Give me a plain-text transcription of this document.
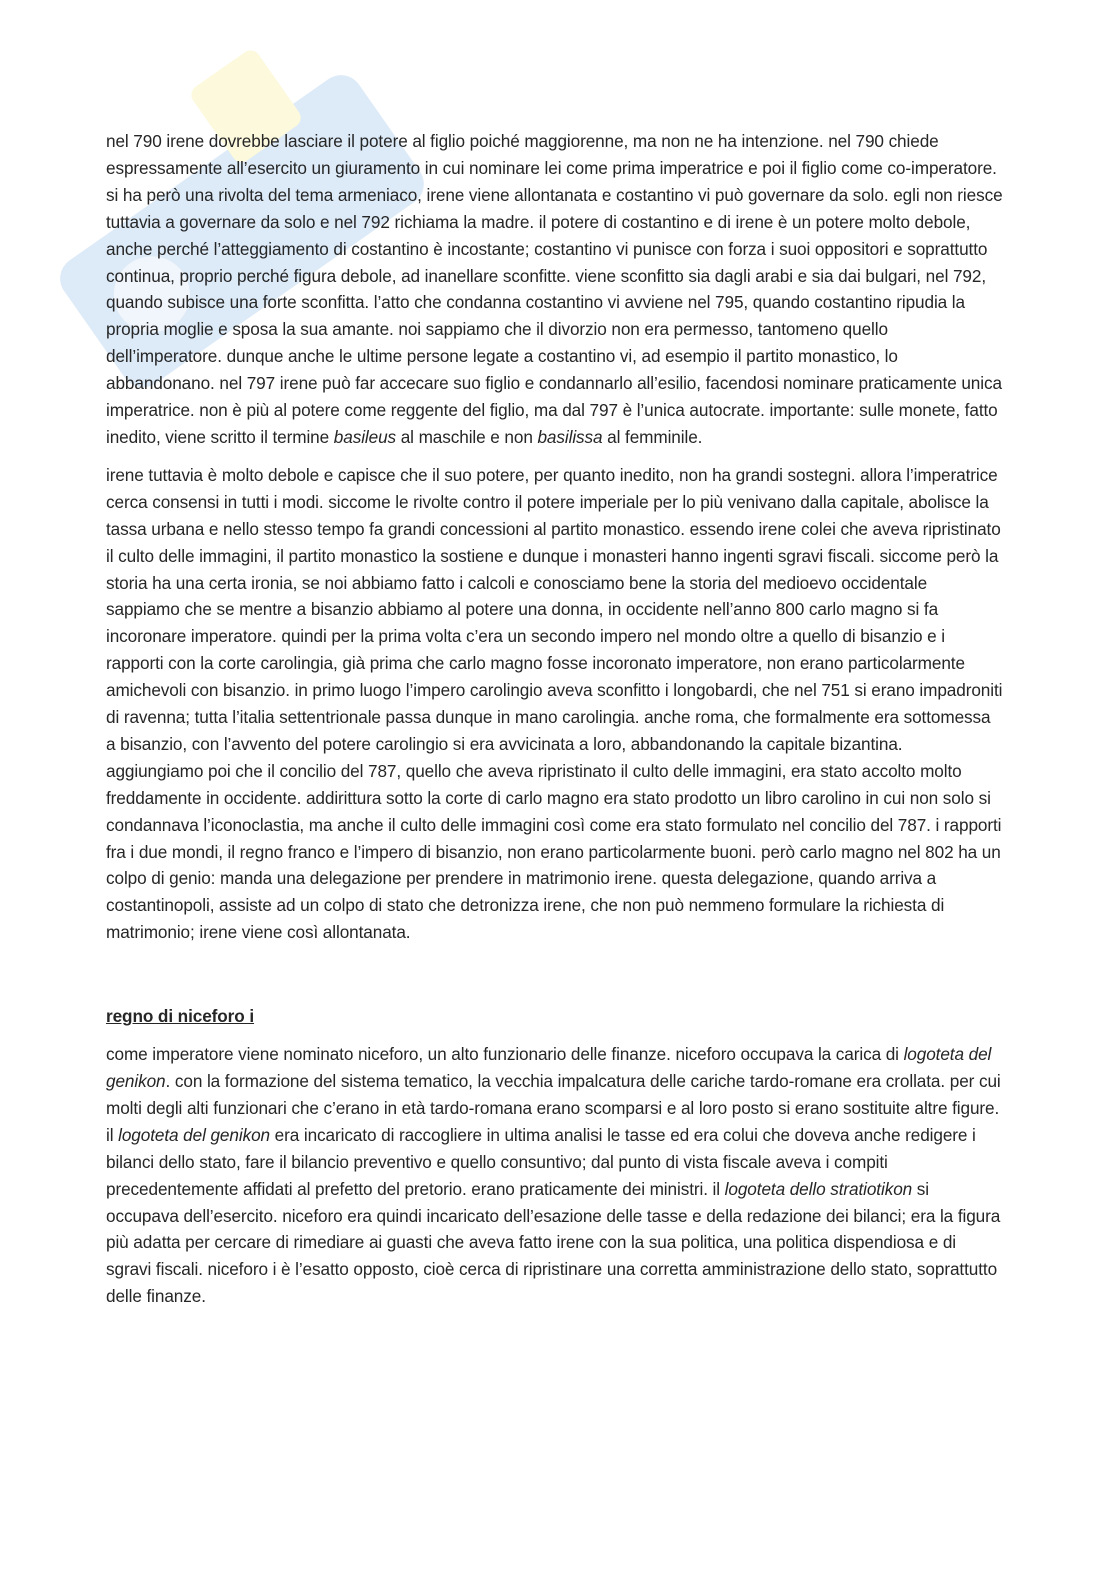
nel 790 irene dovrebbe lasciare il potere al figlio poiché maggiorenne, ma non ne ha intenzione. nel 790 chiede espressamente all’esercito un giuramento in cui nominare lei come prima imperatrice e poi il figlio come co-imperatore. si ha però una rivolta del tema armeniaco, irene viene allontanata e costantino vi può governare da solo. egli non riesce tuttavia a governare da solo e nel 792 richiama la madre. il potere di costantino e di irene è un potere molto debole, anche perché l’atteggiamento di costantino è incostante; costantino vi punisce con forza i suoi oppositori e soprattutto continua, proprio perché figura debole, ad inanellare sconfitte. viene sconfitto sia dagli arabi e sia dai bulgari, nel 792, quando subisce una forte sconfitta. l’atto che condanna costantino vi avviene nel 795, quando costantino ripudia la propria moglie e sposa la sua amante. noi sappiamo che il divorzio non era permesso, tantomeno quello dell’imperatore. dunque anche le ultime persone legate a costantino vi, ad esempio il partito monastico, lo abbandonano. nel 797 irene può far accecare suo figlio e condannarlo all’esilio, facendosi nominare praticamente unica imperatrice. non è più al potere come reggente del figlio, ma dal 797 è l’unica autocrate. importante: sulle monete, fatto inedito, viene scritto il termine basileus al maschile e non basilissa al femminile.

irene tuttavia è molto debole e capisce che il suo potere, per quanto inedito, non ha grandi sostegni. allora l’imperatrice cerca consensi in tutti i modi. siccome le rivolte contro il potere imperiale per lo più venivano dalla capitale, abolisce la tassa urbana e nello stesso tempo fa grandi concessioni al partito monastico. essendo irene colei che aveva ripristinato il culto delle immagini, il partito monastico la sostiene e dunque i monasteri hanno ingenti sgravi fiscali. siccome però la storia ha una certa ironia, se noi abbiamo fatto i calcoli e conosciamo bene la storia del medioevo occidentale sappiamo che se mentre a bisanzio abbiamo al potere una donna, in occidente nell’anno 800 carlo magno si fa incoronare imperatore. quindi per la prima volta c’era un secondo impero nel mondo oltre a quello di bisanzio e i rapporti con la corte carolingia, già prima che carlo magno fosse incoronato imperatore, non erano particolarmente amichevoli con bisanzio. in primo luogo l’impero carolingio aveva sconfitto i longobardi, che nel 751 si erano impadroniti di ravenna; tutta l’italia settentrionale passa dunque in mano carolingia. anche roma, che formalmente era sottomessa a bisanzio, con l’avvento del potere carolingio si era avvicinata a loro, abbandonando la capitale bizantina. aggiungiamo poi che il concilio del 787, quello che aveva ripristinato il culto delle immagini, era stato accolto molto freddamente in occidente. addirittura sotto la corte di carlo magno era stato prodotto un libro carolino in cui non solo si condannava l’iconoclastia, ma anche il culto delle immagini così come era stato formulato nel concilio del 787. i rapporti fra i due mondi, il regno franco e l’impero di bisanzio, non erano particolarmente buoni. però carlo magno nel 802 ha un colpo di genio: manda una delegazione per prendere in matrimonio irene. questa delegazione, quando arriva a costantinopoli, assiste ad un colpo di stato che detronizza irene, che non può nemmeno formulare la richiesta di matrimonio; irene viene così allontanata.

regno di niceforo i

come imperatore viene nominato niceforo, un alto funzionario delle finanze. niceforo occupava la carica di logoteta del genikon. con la formazione del sistema tematico, la vecchia impalcatura delle cariche tardo-romane era crollata. per cui molti degli alti funzionari che c’erano in età tardo-romana erano scomparsi e al loro posto si erano sostituite altre figure. il logoteta del genikon era incaricato di raccogliere in ultima analisi le tasse ed era colui che doveva anche redigere i bilanci dello stato, fare il bilancio preventivo e quello consuntivo; dal punto di vista fiscale aveva i compiti precedentemente affidati al prefetto del pretorio. erano praticamente dei ministri. il logoteta dello stratiotikon si occupava dell’esercito. niceforo era quindi incaricato dell’esazione delle tasse e della redazione dei bilanci; era la figura più adatta per cercare di rimediare ai guasti che aveva fatto irene con la sua politica, una politica dispendiosa e di sgravi fiscali. niceforo i è l’esatto opposto, cioè cerca di ripristinare una corretta amministrazione dello stato, soprattutto delle finanze.
